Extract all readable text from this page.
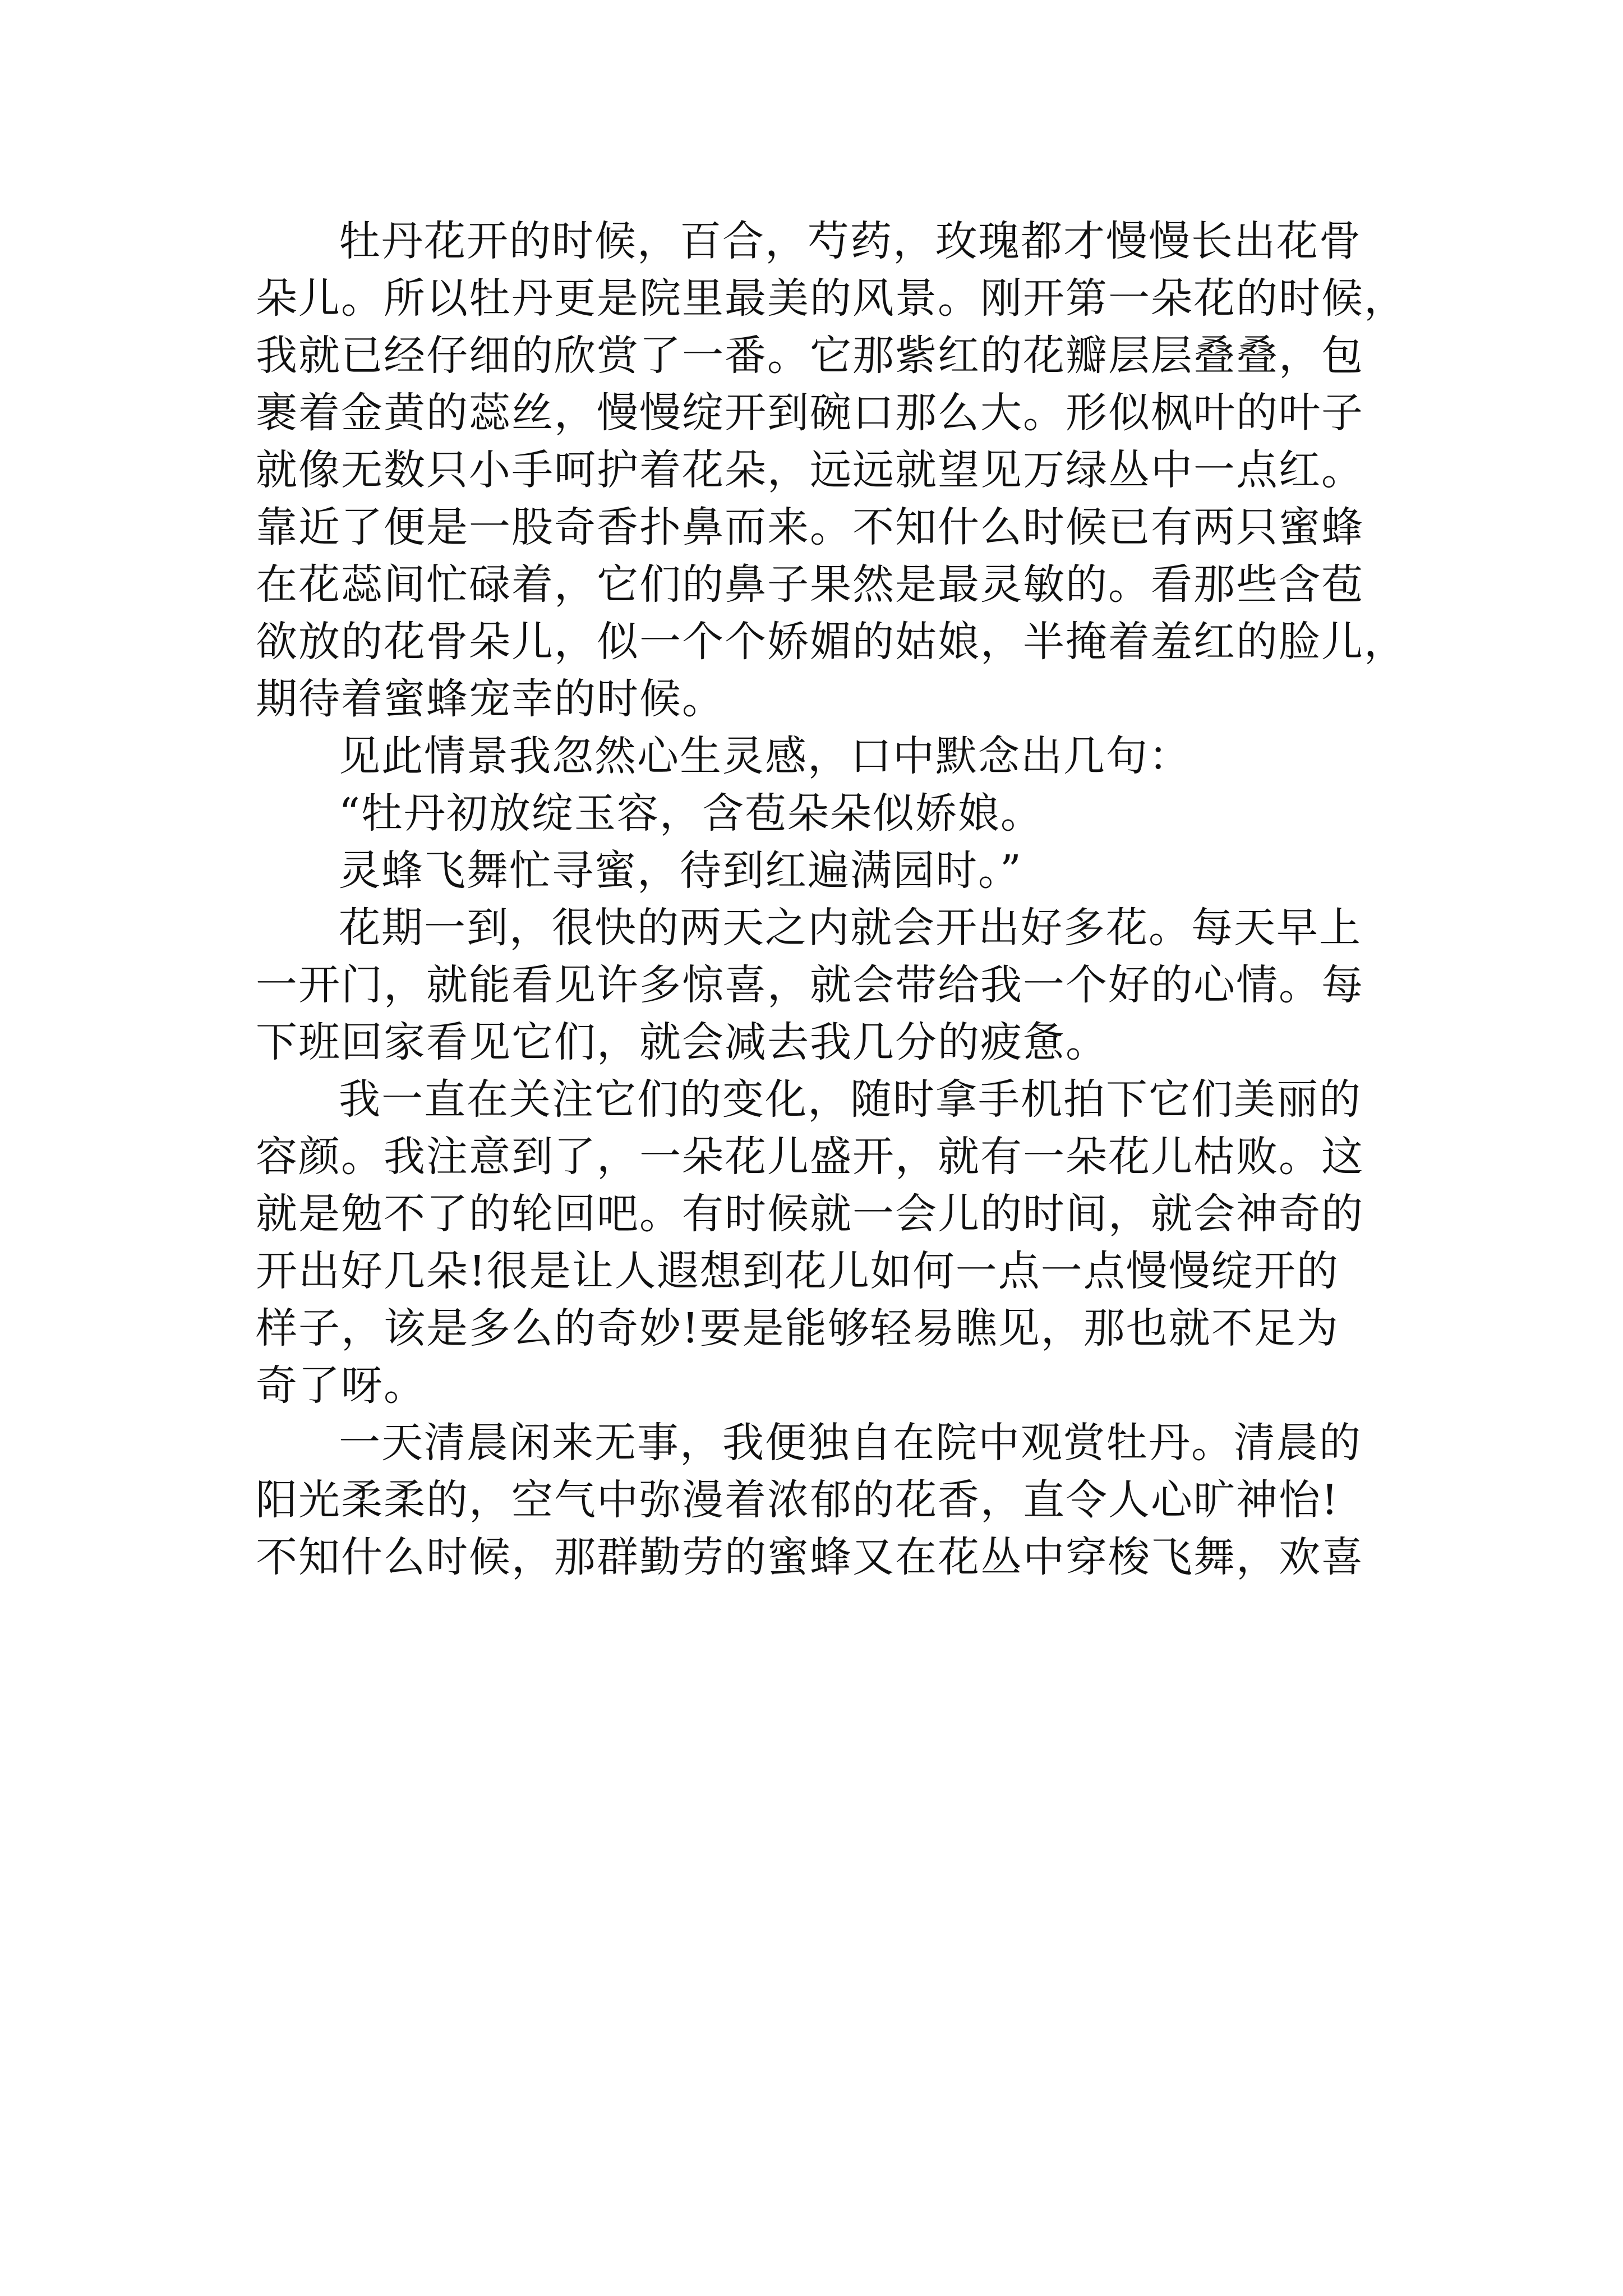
牡丹花开的时候，百合，芍药，玫瑰都才慢慢长出花骨
朵儿。所以牡丹更是院里最美的风景。刚开第一朵花的时候，
我就已经仔细的欣赏了一番。它那紫红的花瓣层层叠叠，包
裹着金黄的蕊丝，慢慢绽开到碗口那么大。形似枫叶的叶子
就像无数只小手呵护着花朵，远远就望见万绿丛中一点红。
靠近了便是一股奇香扑鼻而来。不知什么时候已有两只蜜蜂
在花蕊间忙碌着，它们的鼻子果然是最灵敏的。看那些含苞
欲放的花骨朵儿，似一个个娇媚的姑娘，半掩着羞红的脸儿，
期待着蜜蜂宠幸的时候。
见此情景我忽然心生灵感，口中默念出几句：
“牡丹初放绽玉容，含苞朵朵似娇娘。
灵蜂飞舞忙寻蜜，待到红遍满园时。”
花期一到，很快的两天之内就会开出好多花。每天早上
一开门，就能看见许多惊喜，就会带给我一个好的心情。每
下班回家看见它们，就会减去我几分的疲惫。
我一直在关注它们的变化，随时拿手机拍下它们美丽的
容颜。我注意到了，一朵花儿盛开，就有一朵花儿枯败。这
就是勉不了的轮回吧。有时候就一会儿的时间，就会神奇的
开出好几朵!很是让人遐想到花儿如何一点一点慢慢绽开的
样子，该是多么的奇妙!要是能够轻易瞧见，那也就不足为
奇了呀。
一天清晨闲来无事，我便独自在院中观赏牡丹。清晨的
阳光柔柔的，空气中弥漫着浓郁的花香，直令人心旷神怡!
不知什么时候，那群勤劳的蜜蜂又在花丛中穿梭飞舞，欢喜
